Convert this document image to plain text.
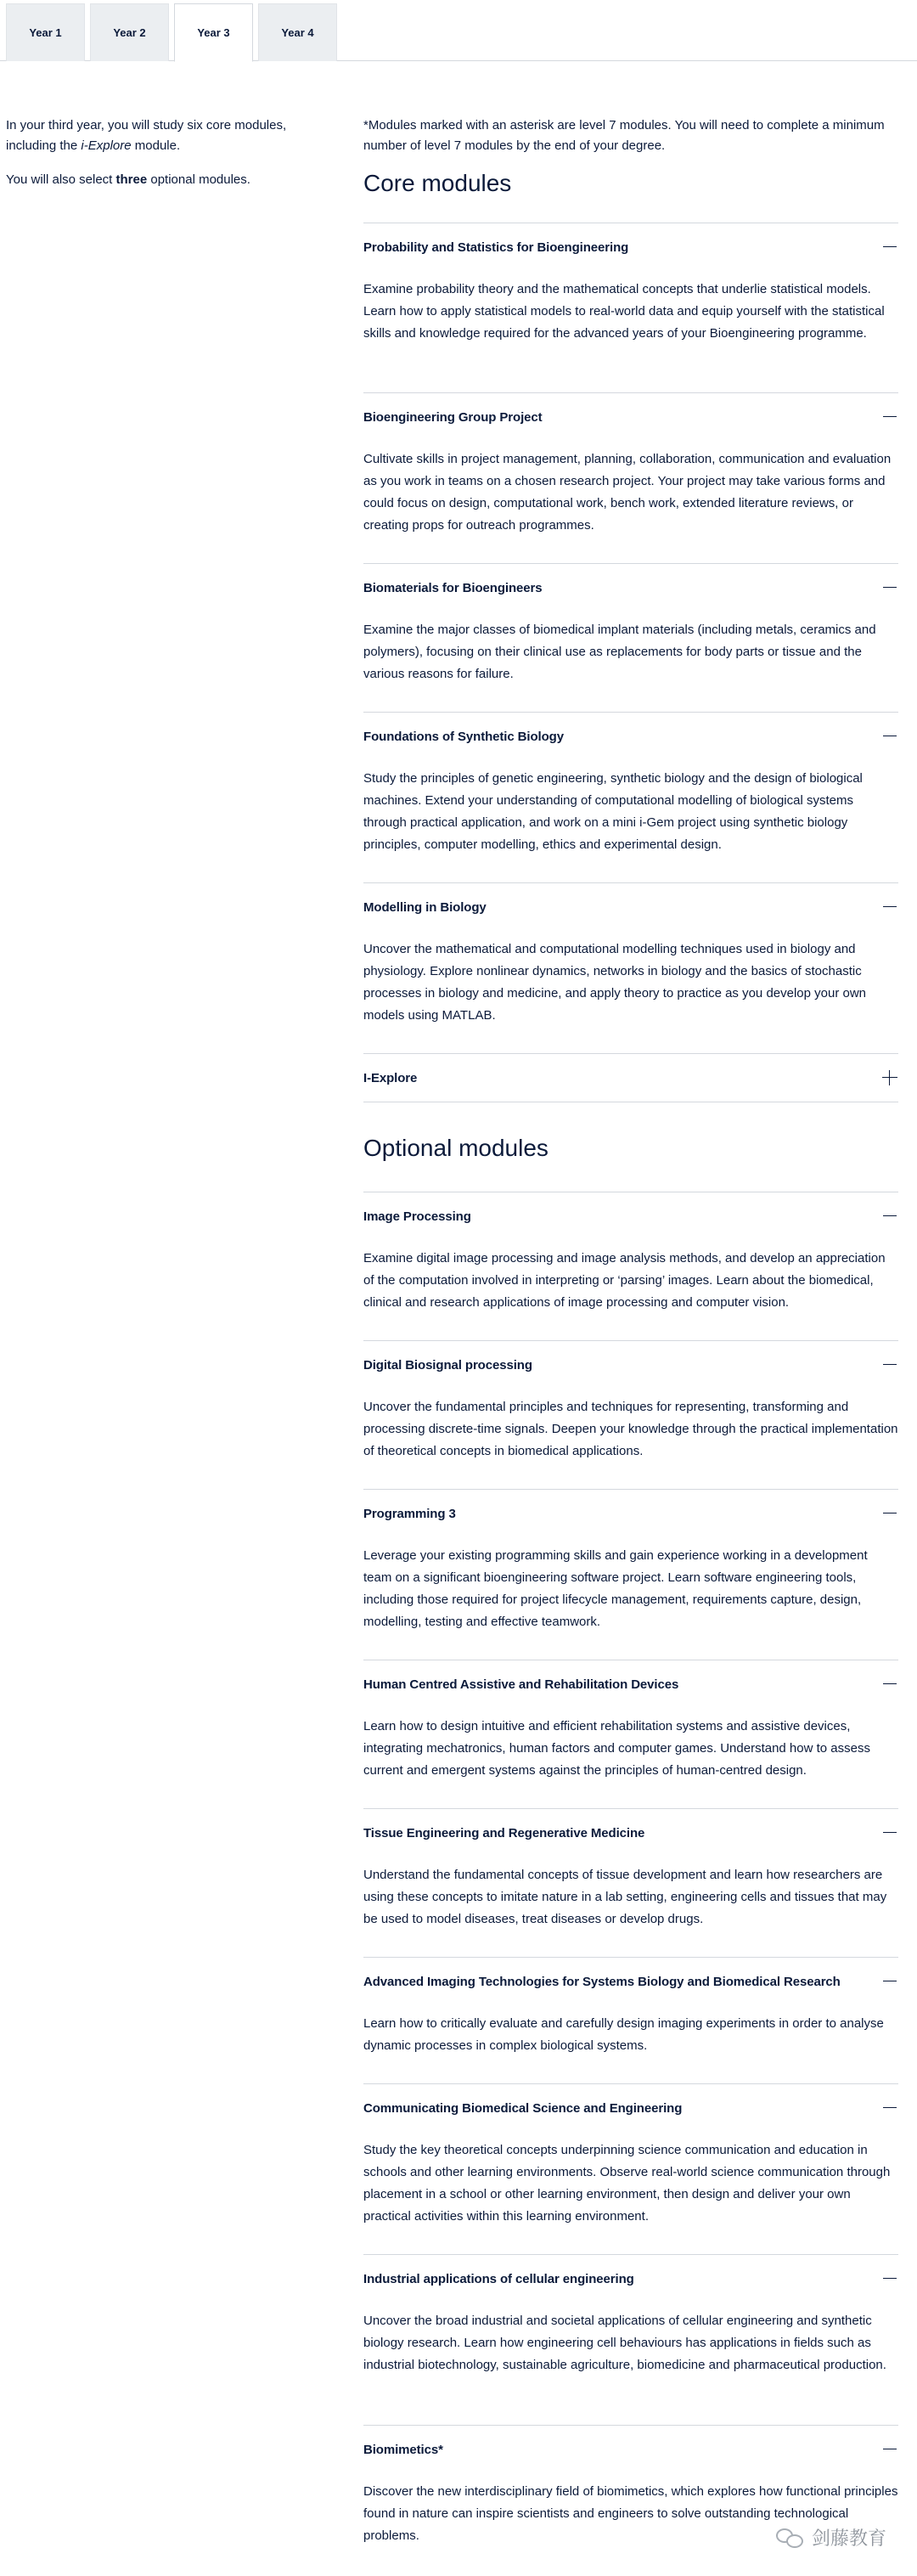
Year 1	Year 2	Year 3	Year 4

In your third year, you will study six core modules, including the i-Explore module.

You will also select three optional modules.

*Modules marked with an asterisk are level 7 modules. You will need to complete a minimum number of level 7 modules by the end of your degree.
Core modules
Optional modules
Probability and Statistics for Bioengineering
Examine probability theory and the mathematical concepts that underlie statistical models. Learn how to apply statistical models to real-world data and equip yourself with the statistical skills and knowledge required for the advanced years of your Bioengineering programme.
Bioengineering Group Project
Cultivate skills in project management, planning, collaboration, communication and evaluation as you work in teams on a chosen research project. Your project may take various forms and could focus on design, computational work, bench work, extended literature reviews, or creating props for outreach programmes.
Biomaterials for Bioengineers
Examine the major classes of biomedical implant materials (including metals, ceramics and polymers), focusing on their clinical use as replacements for body parts or tissue and the various reasons for failure.
Foundations of Synthetic Biology
Study the principles of genetic engineering, synthetic biology and the design of biological machines. Extend your understanding of computational modelling of biological systems through practical application, and work on a mini i-Gem project using synthetic biology principles, computer modelling, ethics and experimental design.
Modelling in Biology
Uncover the mathematical and computational modelling techniques used in biology and physiology. Explore nonlinear dynamics, networks in biology and the basics of stochastic processes in biology and medicine, and apply theory to practice as you develop your own models using MATLAB.
I-Explore
Image Processing
Examine digital image processing and image analysis methods, and develop an appreciation of the computation involved in interpreting or ‘parsing’ images. Learn about the biomedical, clinical and research applications of image processing and computer vision.
Digital Biosignal processing
Uncover the fundamental principles and techniques for representing, transforming and processing discrete-time signals. Deepen your knowledge through the practical implementation of theoretical concepts in biomedical applications.
Programming 3
Leverage your existing programming skills and gain experience working in a development team on a significant bioengineering software project. Learn software engineering tools, including those required for project lifecycle management, requirements capture, design, modelling, testing and effective teamwork.
Human Centred Assistive and Rehabilitation Devices
Learn how to design intuitive and efficient rehabilitation systems and assistive devices, integrating mechatronics, human factors and computer games. Understand how to assess current and emergent systems against the principles of human-centred design.
Tissue Engineering and Regenerative Medicine
Understand the fundamental concepts of tissue development and learn how researchers are using these concepts to imitate nature in a lab setting, engineering cells and tissues that may be used to model diseases, treat diseases or develop drugs.
Advanced Imaging Technologies for Systems Biology and Biomedical Research
Learn how to critically evaluate and carefully design imaging experiments in order to analyse dynamic processes in complex biological systems.
Communicating Biomedical Science and Engineering
Study the key theoretical concepts underpinning science communication and education in schools and other learning environments. Observe real-world science communication through placement in a school or other learning environment, then design and deliver your own practical activities within this learning environment.
Industrial applications of cellular engineering
Uncover the broad industrial and societal applications of cellular engineering and synthetic biology research. Learn how engineering cell behaviours has applications in fields such as industrial biotechnology, sustainable agriculture, biomedicine and pharmaceutical production.
Biomimetics*
Discover the new interdisciplinary field of biomimetics, which explores how functional principles found in nature can inspire scientists and engineers to solve outstanding technological problems.	剑藤教育
